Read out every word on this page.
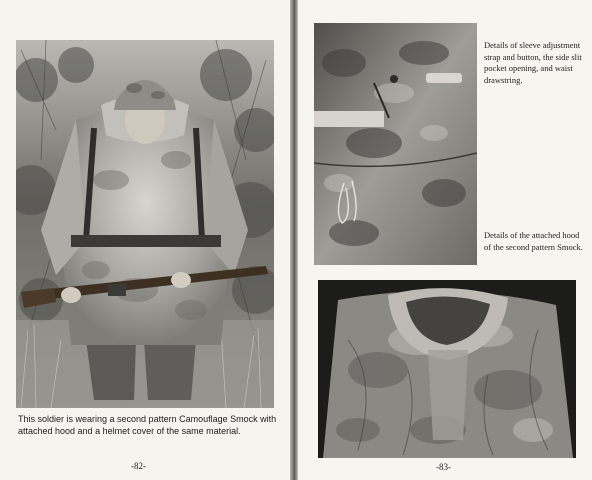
This soldier is wearing a second pattern Camouflage Smock with attached hood and a helmet cover of the same material.
-82-
Details of sleeve adjustment strap and button, the side slit pocket opening, and waist drawstring.
Details of the attached hood of the second pattern Smock.
-83-
